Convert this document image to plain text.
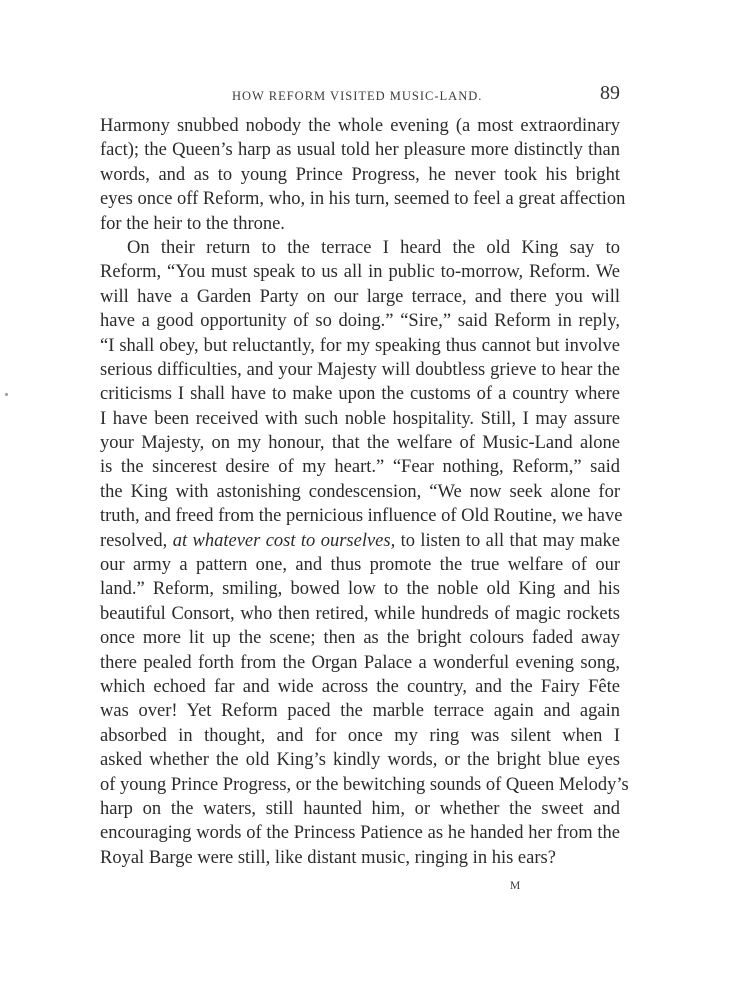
HOW REFORM VISITED MUSIC-LAND.	89
Harmony snubbed nobody the whole evening (a most extraordinary
fact); the Queen’s harp as usual told her pleasure more distinctly than
words, and as to young Prince Progress, he never took his bright
eyes once off Reform, who, in his turn, seemed to feel a great affection
for the heir to the throne.
On their return to the terrace I heard the old King say to
Reform, “You must speak to us all in public to-morrow, Reform. We
will have a Garden Party on our large terrace, and there you will
have a good opportunity of so doing.” “Sire,” said Reform in reply,
“I shall obey, but reluctantly, for my speaking thus cannot but involve
serious difficulties, and your Majesty will doubtless grieve to hear the
criticisms I shall have to make upon the customs of a country where
I have been received with such noble hospitality. Still, I may assure
your Majesty, on my honour, that the welfare of Music-Land alone
is the sincerest desire of my heart.” “Fear nothing, Reform,” said
the King with astonishing condescension, “We now seek alone for
truth, and freed from the pernicious influence of Old Routine, we have
resolved, at whatever cost to ourselves, to listen to all that may make
our army a pattern one, and thus promote the true welfare of our
land.” Reform, smiling, bowed low to the noble old King and his
beautiful Consort, who then retired, while hundreds of magic rockets
once more lit up the scene; then as the bright colours faded away
there pealed forth from the Organ Palace a wonderful evening song,
which echoed far and wide across the country, and the Fairy Fête
was over! Yet Reform paced the marble terrace again and again
absorbed in thought, and for once my ring was silent when I
asked whether the old King’s kindly words, or the bright blue eyes
of young Prince Progress, or the bewitching sounds of Queen Melody’s
harp on the waters, still haunted him, or whether the sweet and
encouraging words of the Princess Patience as he handed her from the
Royal Barge were still, like distant music, ringing in his ears?
M
